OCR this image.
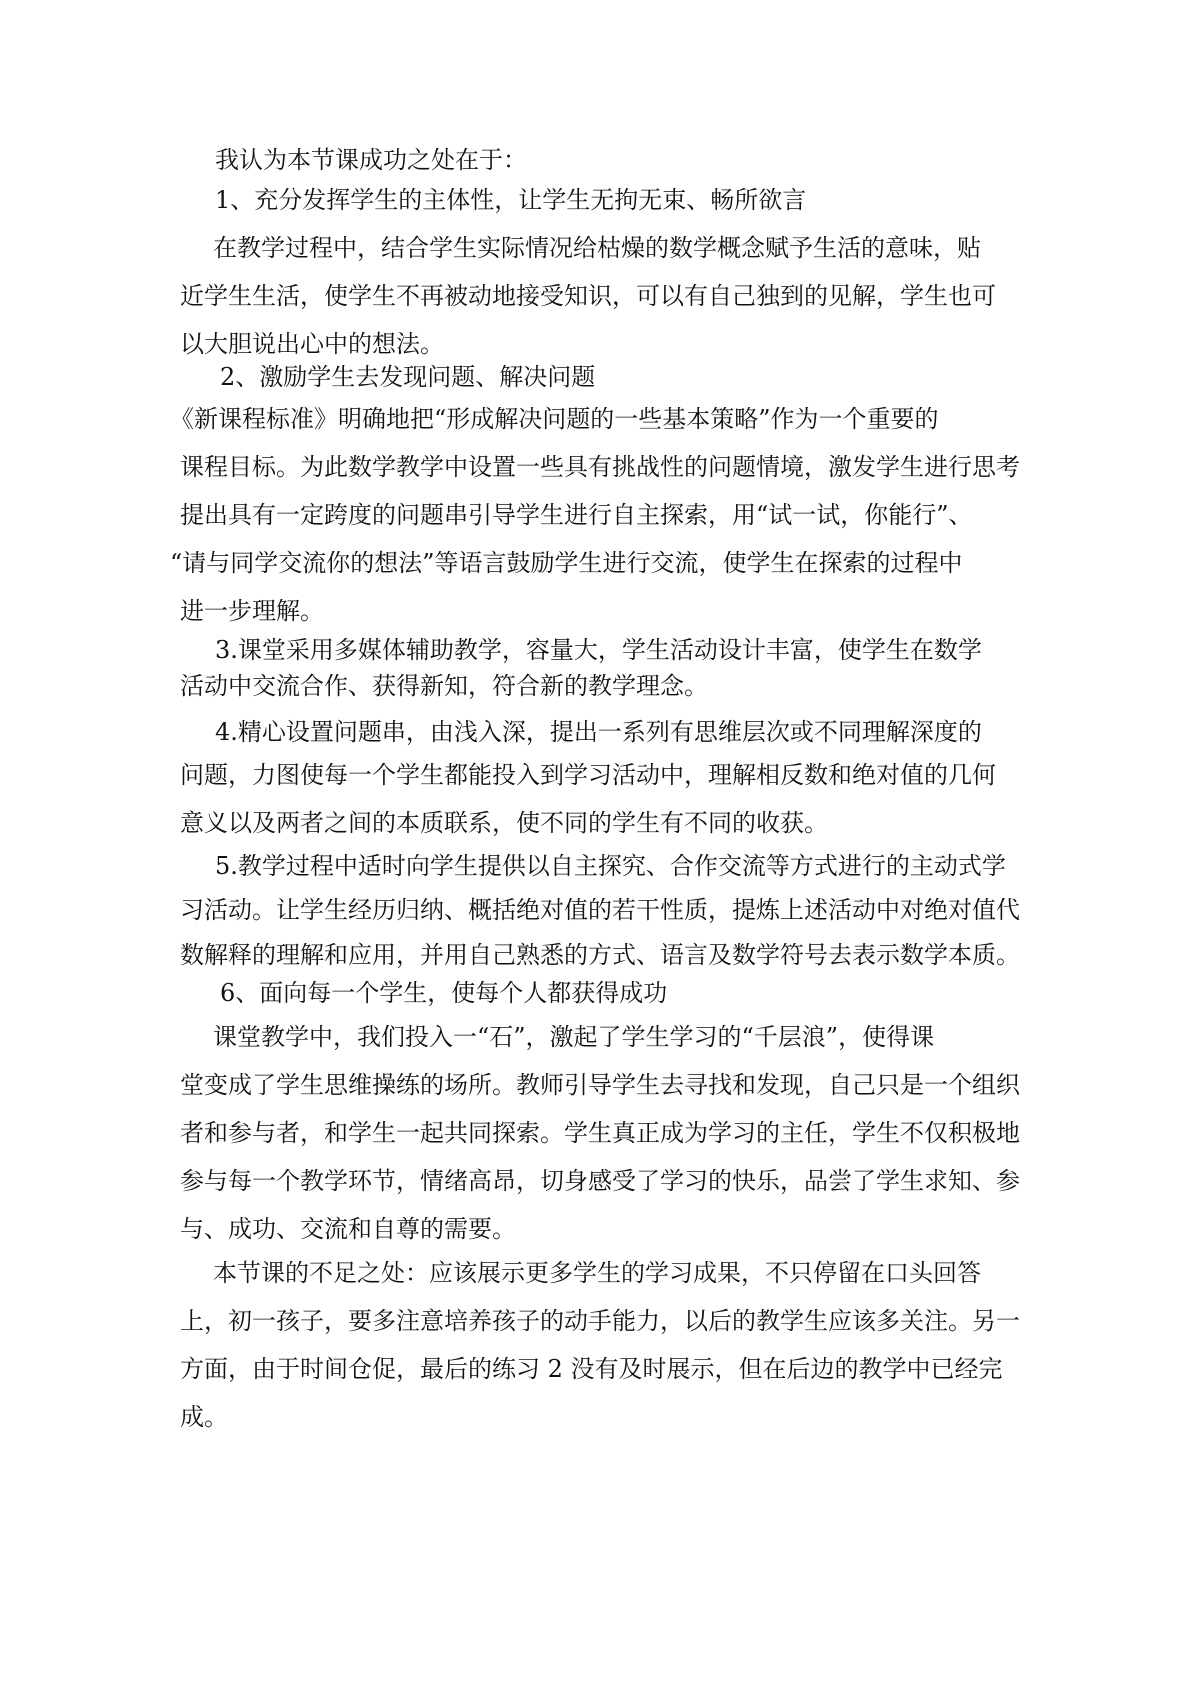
我认为本节课成功之处在于：
1、充分发挥学生的主体性，让学生无拘无束、畅所欲言
在教学过程中，结合学生实际情况给枯燥的数学概念赋予生活的意味，贴
近学生生活，使学生不再被动地接受知识，可以有自己独到的见解，学生也可
以大胆说出心中的想法。
2、激励学生去发现问题、解决问题
《新课程标准》明确地把“形成解决问题的一些基本策略”作为一个重要的
课程目标。为此数学教学中设置一些具有挑战性的问题情境，激发学生进行思考
提出具有一定跨度的问题串引导学生进行自主探索，用“试一试，你能行”、
“请与同学交流你的想法”等语言鼓励学生进行交流，使学生在探索的过程中
进一步理解。
3.课堂采用多媒体辅助教学，容量大，学生活动设计丰富，使学生在数学
活动中交流合作、获得新知，符合新的教学理念。
4.精心设置问题串，由浅入深，提出一系列有思维层次或不同理解深度的
问题，力图使每一个学生都能投入到学习活动中，理解相反数和绝对值的几何
意义以及两者之间的本质联系，使不同的学生有不同的收获。
5.教学过程中适时向学生提供以自主探究、合作交流等方式进行的主动式学
习活动。让学生经历归纳、概括绝对值的若干性质，提炼上述活动中对绝对值代
数解释的理解和应用，并用自己熟悉的方式、语言及数学符号去表示数学本质。
6、面向每一个学生，使每个人都获得成功
课堂教学中，我们投入一“石”，激起了学生学习的“千层浪”，使得课
堂变成了学生思维操练的场所。教师引导学生去寻找和发现，自己只是一个组织
者和参与者，和学生一起共同探索。学生真正成为学习的主任，学生不仅积极地
参与每一个教学环节，情绪高昂，切身感受了学习的快乐，品尝了学生求知、参
与、成功、交流和自尊的需要。
本节课的不足之处：应该展示更多学生的学习成果，不只停留在口头回答
上，初一孩子，要多注意培养孩子的动手能力，以后的教学生应该多关注。另一
方面，由于时间仓促，最后的练习 2 没有及时展示，但在后边的教学中已经完
成。
